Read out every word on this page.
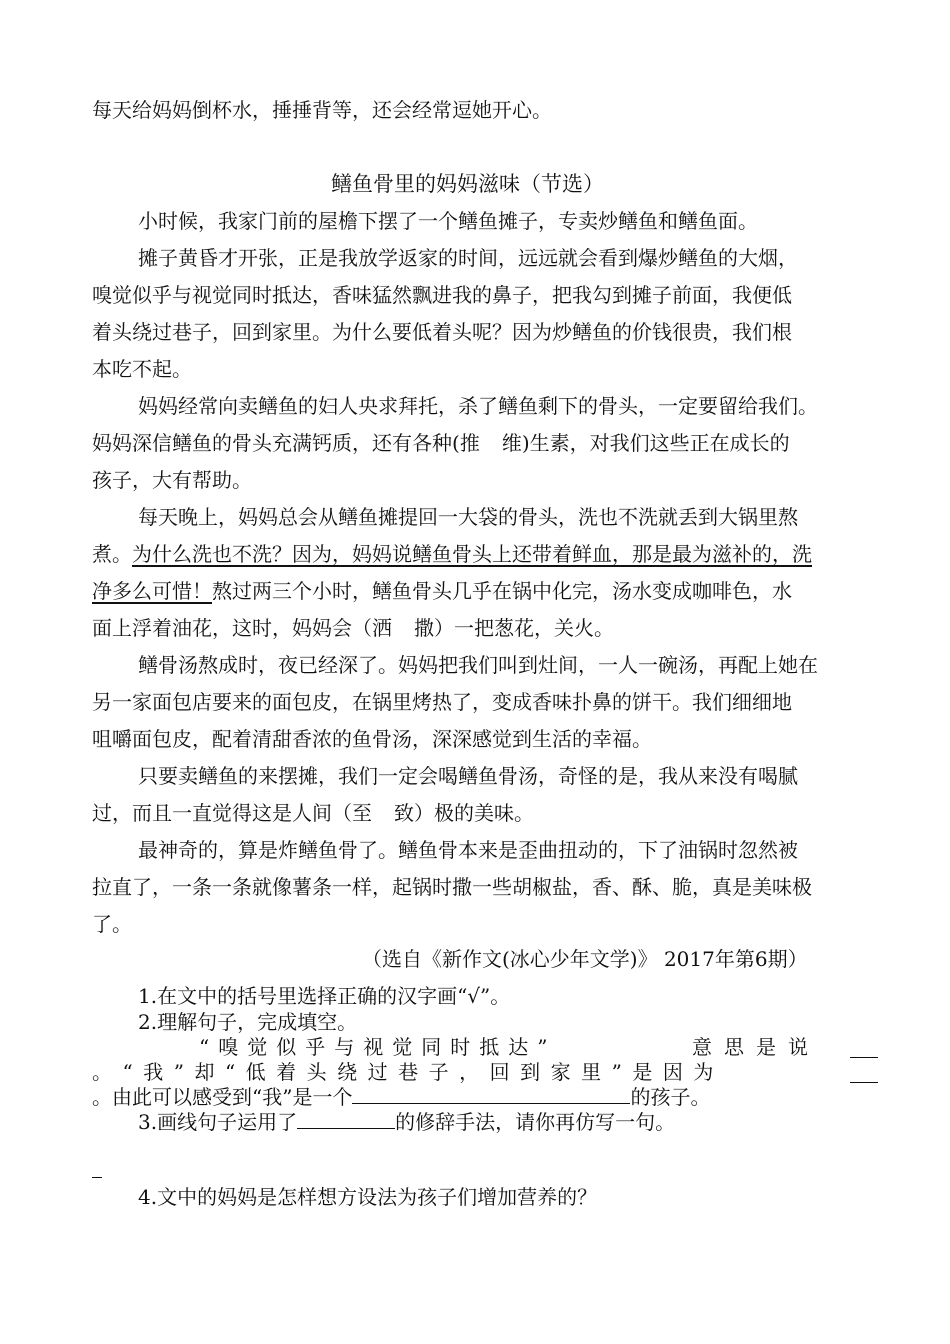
每天给妈妈倒杯水，捶捶背等，还会经常逗她开心。
鳝鱼骨里的妈妈滋味（节选）
小时候，我家门前的屋檐下摆了一个鳝鱼摊子，专卖炒鳝鱼和鳝鱼面。
摊子黄昏才开张，正是我放学返家的时间，远远就会看到爆炒鳝鱼的大烟，
嗅觉似乎与视觉同时抵达，香味猛然飘进我的鼻子，把我勾到摊子前面，我便低
着头绕过巷子，回到家里。为什么要低着头呢？因为炒鳝鱼的价钱很贵，我们根
本吃不起。
妈妈经常向卖鳝鱼的妇人央求拜托，杀了鳝鱼剩下的骨头，一定要留给我们。
妈妈深信鳝鱼的骨头充满钙质，还有各种(推 维)生素，对我们这些正在成长的
孩子，大有帮助。
每天晚上，妈妈总会从鳝鱼摊提回一大袋的骨头，洗也不洗就丢到大锅里熬
煮。为什么洗也不洗？因为，妈妈说鳝鱼骨头上还带着鲜血，那是最为滋补的，洗
净多么可惜！熬过两三个小时，鳝鱼骨头几乎在锅中化完，汤水变成咖啡色，水
面上浮着油花，这时，妈妈会（洒 撒）一把葱花，关火。
鳝骨汤熬成时，夜已经深了。妈妈把我们叫到灶间，一人一碗汤，再配上她在
另一家面包店要来的面包皮，在锅里烤热了，变成香味扑鼻的饼干。我们细细地
咀嚼面包皮，配着清甜香浓的鱼骨汤，深深感觉到生活的幸福。
只要卖鳝鱼的来摆摊，我们一定会喝鳝鱼骨汤，奇怪的是，我从来没有喝腻
过，而且一直觉得这是人间（至 致）极的美味。
最神奇的，算是炸鳝鱼骨了。鳝鱼骨本来是歪曲扭动的，下了油锅时忽然被
拉直了，一条一条就像薯条一样，起锅时撒一些胡椒盐，香、酥、脆，真是美味极
了。
（选自《新作文(冰心少年文学)》 2017年第6期）
1.在文中的括号里选择正确的汉字画“√”。
2.理解句子，完成填空。
“嗅觉似乎与视觉同时抵达”	意思是说
。“我”却“低着头绕过巷子，回到家里”是因为
。由此可以感受到“我”是一个	的孩子。
3.画线句子运用了	的修辞手法，请你再仿写一句。
4.文中的妈妈是怎样想方设法为孩子们增加营养的？
